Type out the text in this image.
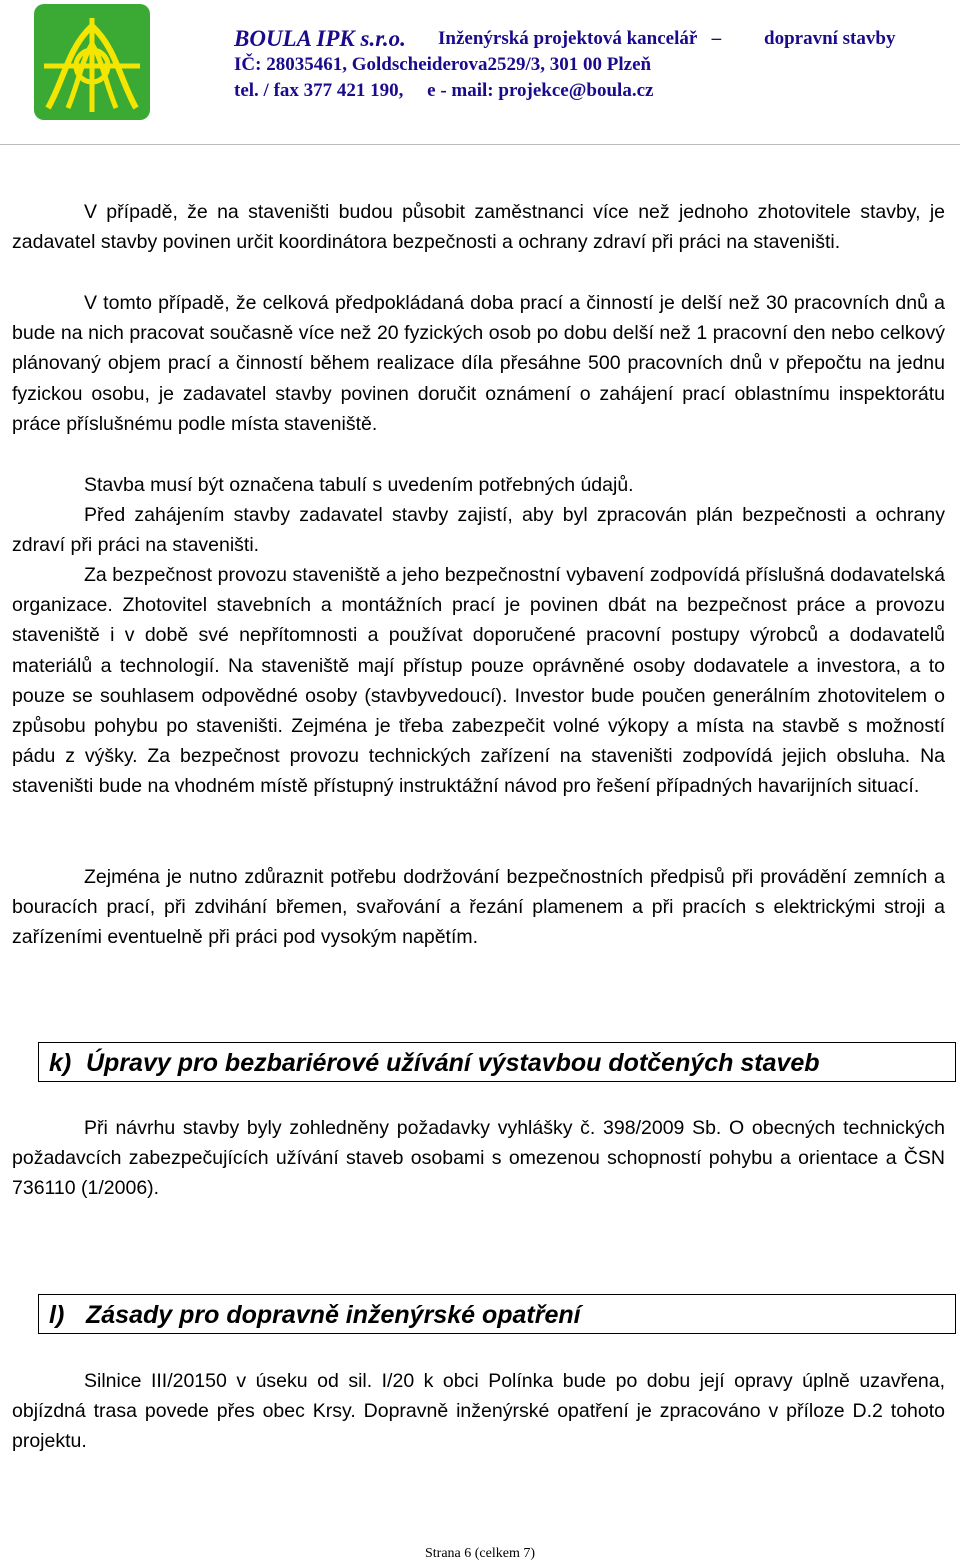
BOULA IPK s.r.o. Inženýrská projektová kancelář – dopravní stavby
IČ: 28035461, Goldscheiderova2529/3, 301 00 Plzeň
tel. / fax 377 421 190, e - mail: projekce@boula.cz
V případě, že na staveništi budou působit zaměstnanci více než jednoho zhotovitele stavby, je zadavatel stavby povinen určit koordinátora bezpečnosti a ochrany zdraví při práci na staveništi.
V tomto případě, že celková předpokládaná doba prací a činností je delší než 30 pracovních dnů a bude na nich pracovat současně více než 20 fyzických osob po dobu delší než 1 pracovní den nebo celkový plánovaný objem prací a činností během realizace díla přesáhne 500 pracovních dnů v přepočtu na jednu fyzickou osobu, je zadavatel stavby povinen doručit oznámení o zahájení prací oblastnímu inspektorátu práce příslušnému podle místa staveniště.
Stavba musí být označena tabulí s uvedením potřebných údajů.
Před zahájením stavby zadavatel stavby zajistí, aby byl zpracován plán bezpečnosti a ochrany zdraví při práci na staveništi.
Za bezpečnost provozu staveniště a jeho bezpečnostní vybavení zodpovídá příslušná dodavatelská organizace. Zhotovitel stavebních a montážních prací je povinen dbát na bezpečnost práce a provozu staveniště i v době své nepřítomnosti a používat doporučené pracovní postupy výrobců a dodavatelů materiálů a technologií. Na staveniště mají přístup pouze oprávněné osoby dodavatele a investora, a to pouze se souhlasem odpovědné osoby (stavbyvedoucí). Investor bude poučen generálním zhotovitelem o způsobu pohybu po staveništi. Zejména je třeba zabezpečit volné výkopy a místa na stavbě s možností pádu z výšky. Za bezpečnost provozu technických zařízení na staveništi zodpovídá jejich obsluha. Na staveništi bude na vhodném místě přístupný instruktážní návod pro řešení případných havarijních situací.
Zejména je nutno zdůraznit potřebu dodržování bezpečnostních předpisů při provádění zemních a bouracích prací, při zdvihání břemen, svařování a řezání plamenem a při pracích s elektrickými stroji a zařízeními eventuelně při práci pod vysokým napětím.
k) Úpravy pro bezbariérové užívání výstavbou dotčených staveb
Při návrhu stavby byly zohledněny požadavky vyhlášky č. 398/2009 Sb. O obecných technických požadavcích zabezpečujících užívání staveb osobami s omezenou schopností pohybu a orientace a ČSN 736110 (1/2006).
l) Zásady pro dopravně inženýrské opatření
Silnice III/20150 v úseku od sil. I/20 k obci Polínka bude po dobu její opravy úplně uzavřena, objízdná trasa povede přes obec Krsy. Dopravně inženýrské opatření je zpracováno v příloze D.2 tohoto projektu.
Strana 6 (celkem 7)
